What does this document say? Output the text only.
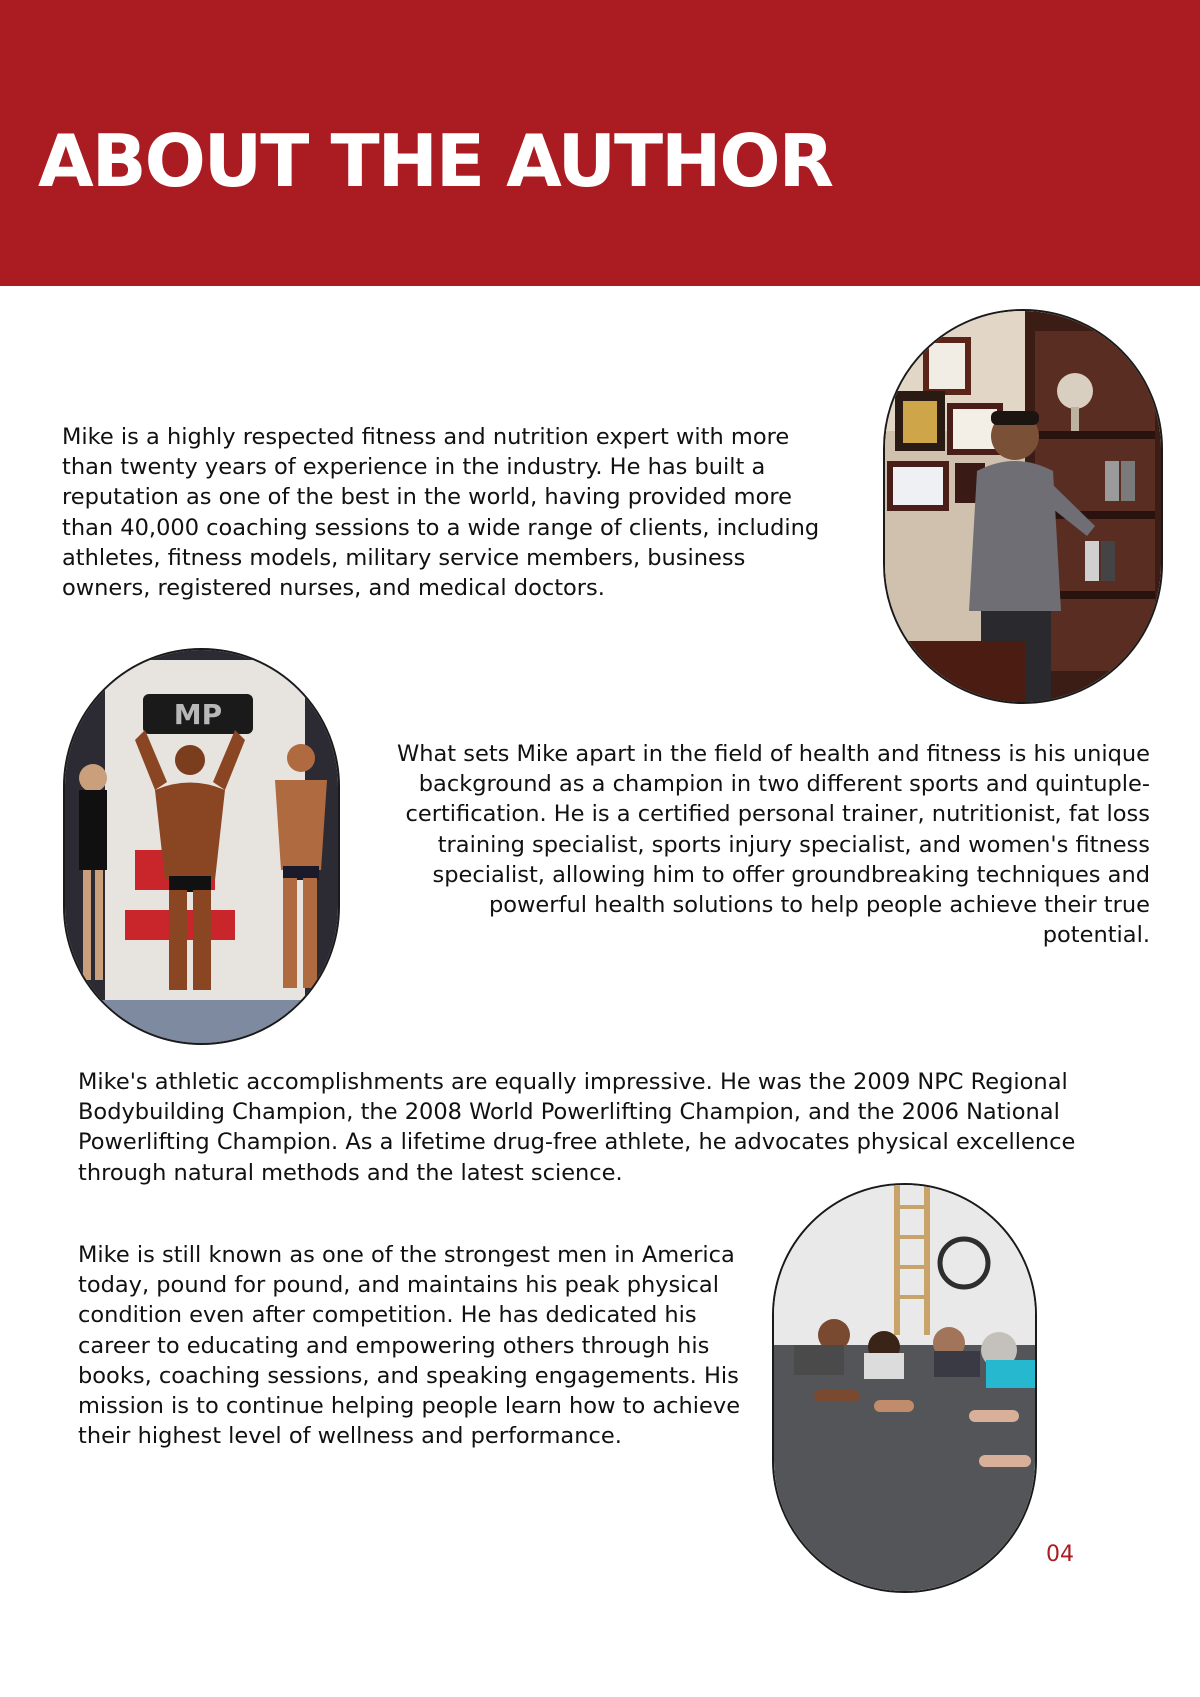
ABOUT THE AUTHOR

Mike is a highly respected fitness and nutrition expert with more than twenty years of experience in the industry. He has built a reputation as one of the best in the world, having provided more than 40,000 coaching sessions to a wide range of clients, including athletes, fitness models, military service members, business owners, registered nurses, and medical doctors.

MP

What sets Mike apart in the field of health and fitness is his unique background as a champion in two different sports and quintuple-certification. He is a certified personal trainer, nutritionist, fat loss training specialist, sports injury specialist, and women's fitness specialist, allowing him to offer groundbreaking techniques and powerful health solutions to help people achieve their true potential.

Mike's athletic accomplishments are equally impressive. He was the 2009 NPC Regional Bodybuilding Champion, the 2008 World Powerlifting Champion, and the 2006 National Powerlifting Champion. As a lifetime drug-free athlete, he advocates physical excellence through natural methods and the latest science.

Mike is still known as one of the strongest men in America today, pound for pound, and maintains his peak physical condition even after competition. He has dedicated his career to educating and empowering others through his books, coaching sessions, and speaking engagements. His mission is to continue helping people learn how to achieve their highest level of wellness and performance.

04
